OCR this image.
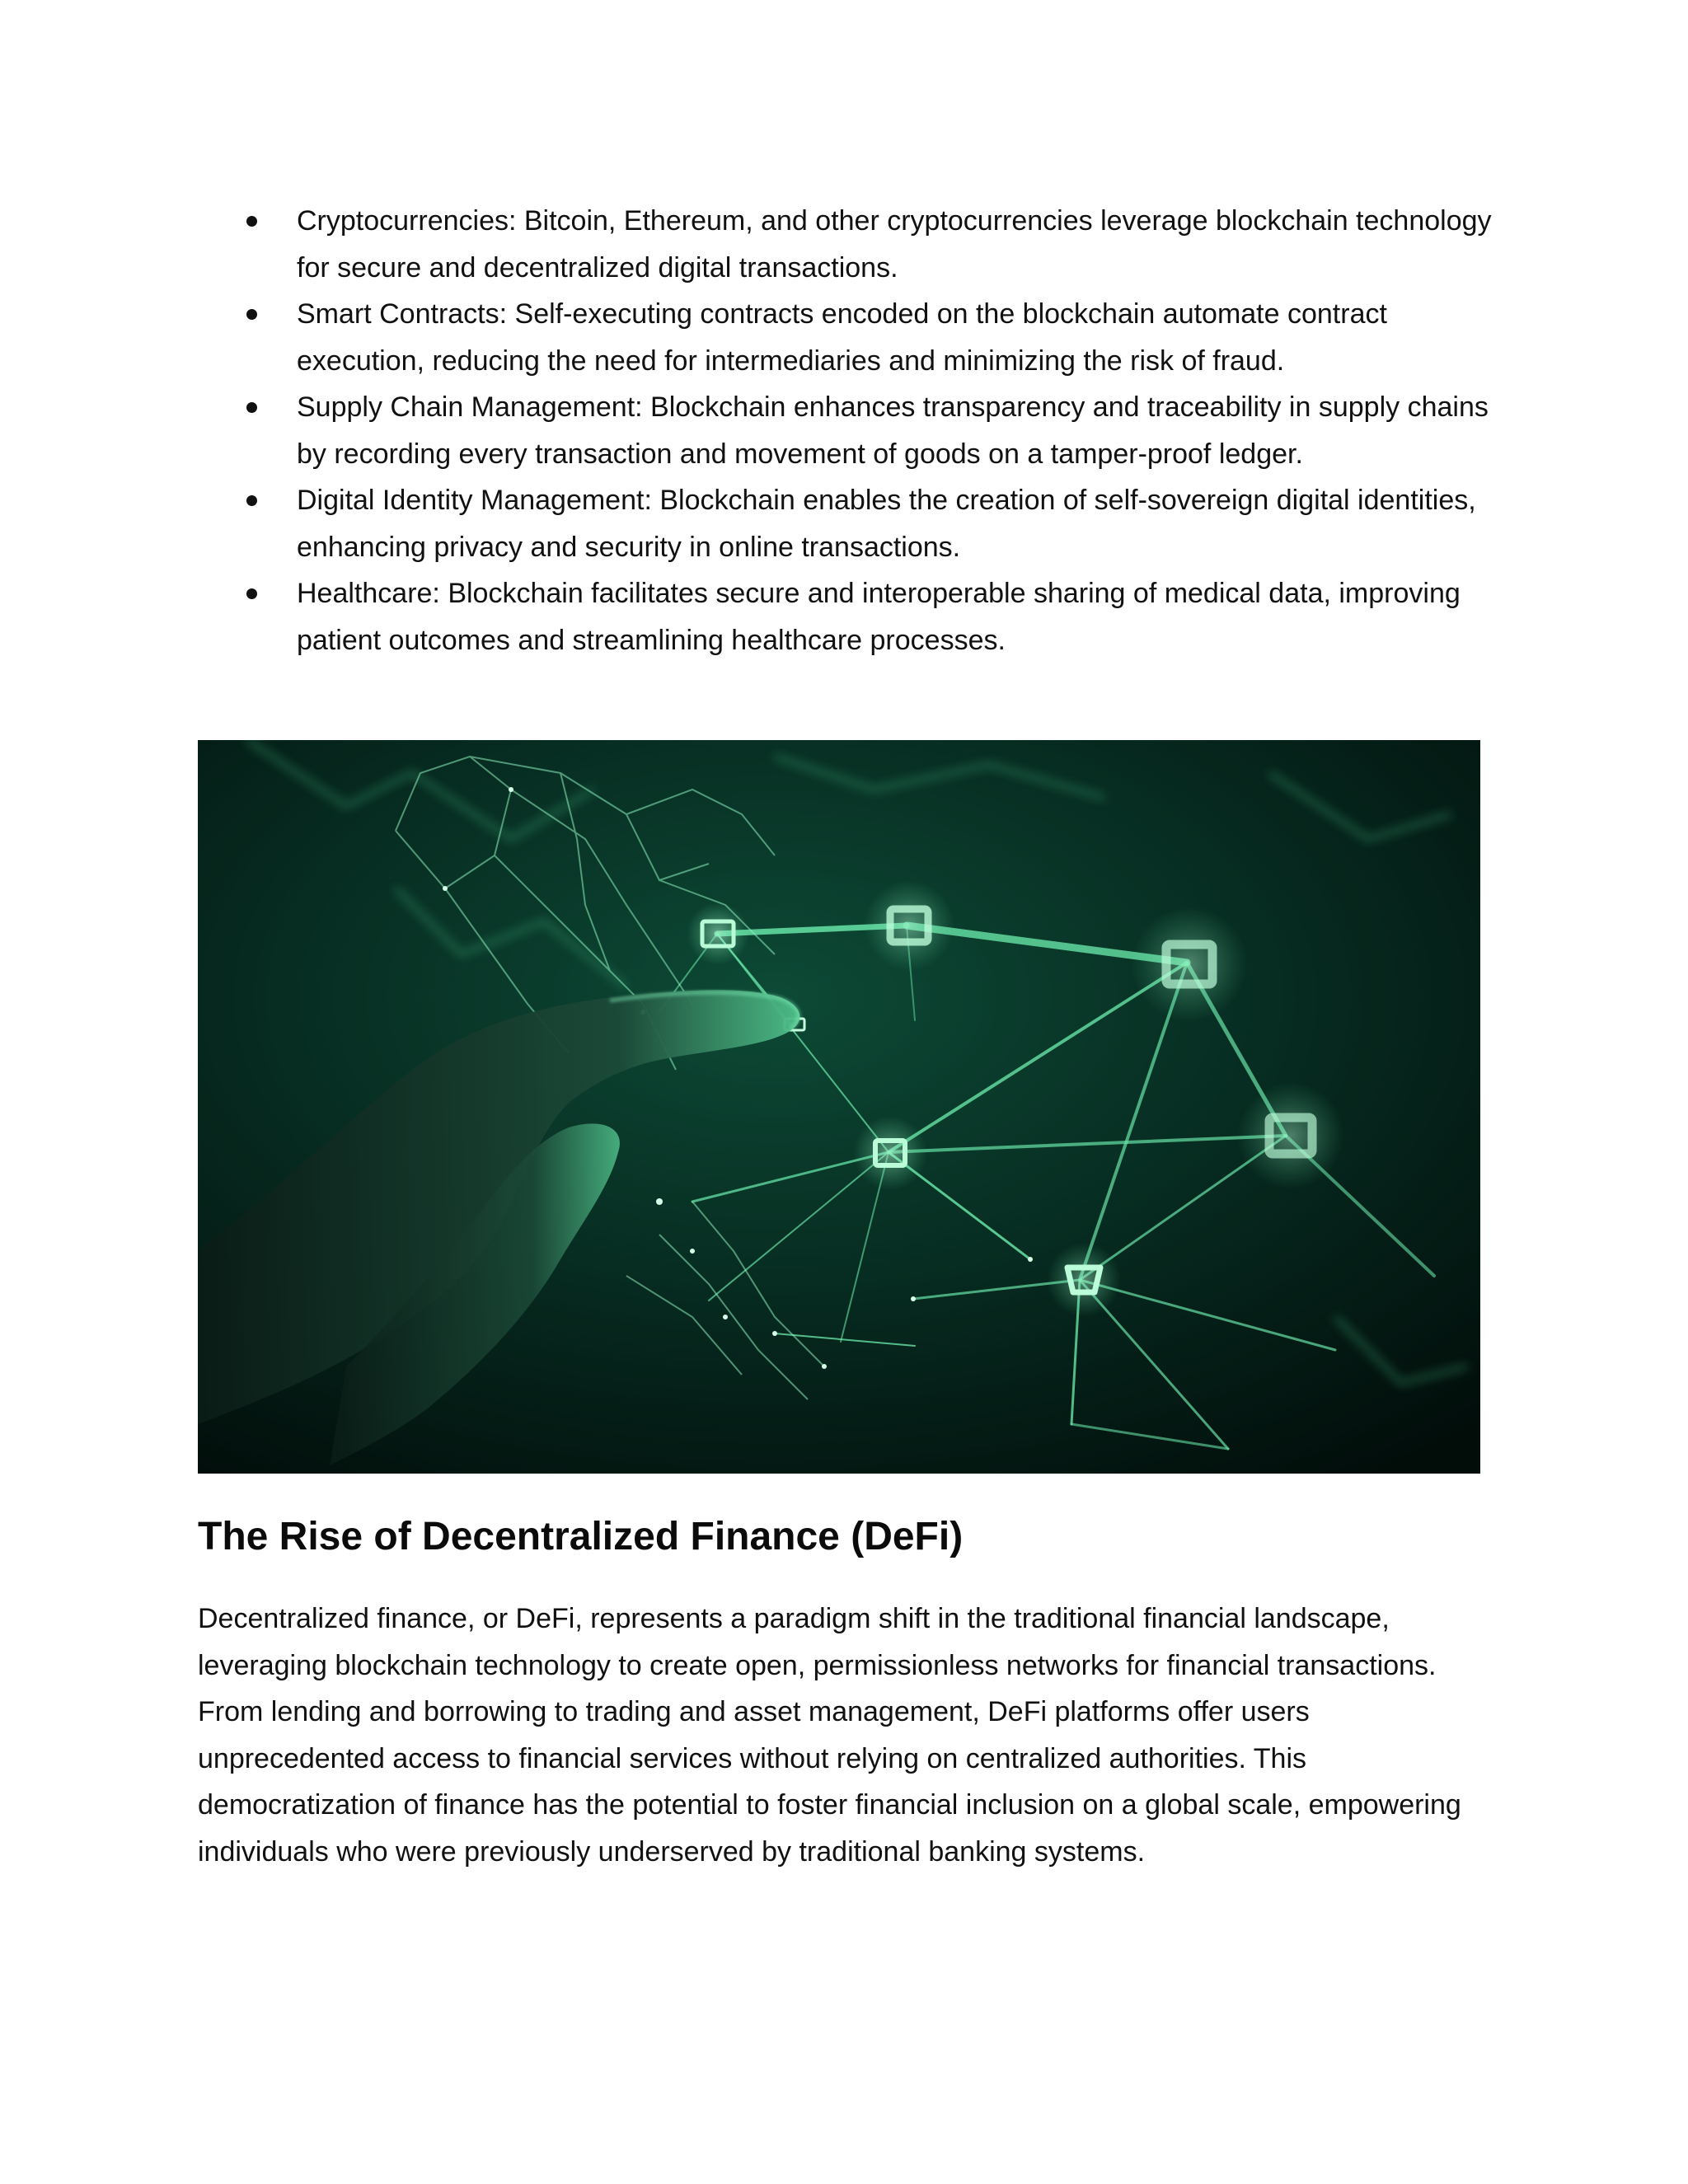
Cryptocurrencies: Bitcoin, Ethereum, and other cryptocurrencies leverage blockchain technology for secure and decentralized digital transactions.
Smart Contracts: Self-executing contracts encoded on the blockchain automate contract execution, reducing the need for intermediaries and minimizing the risk of fraud.
Supply Chain Management: Blockchain enhances transparency and traceability in supply chains by recording every transaction and movement of goods on a tamper-proof ledger.
Digital Identity Management: Blockchain enables the creation of self-sovereign digital identities, enhancing privacy and security in online transactions.
Healthcare: Blockchain facilitates secure and interoperable sharing of medical data, improving patient outcomes and streamlining healthcare processes.
The Rise of Decentralized Finance (DeFi)

Decentralized finance, or DeFi, represents a paradigm shift in the traditional financial landscape, leveraging blockchain technology to create open, permissionless networks for financial transactions. From lending and borrowing to trading and asset management, DeFi platforms offer users unprecedented access to financial services without relying on centralized authorities. This democratization of finance has the potential to foster financial inclusion on a global scale, empowering individuals who were previously underserved by traditional banking systems.
